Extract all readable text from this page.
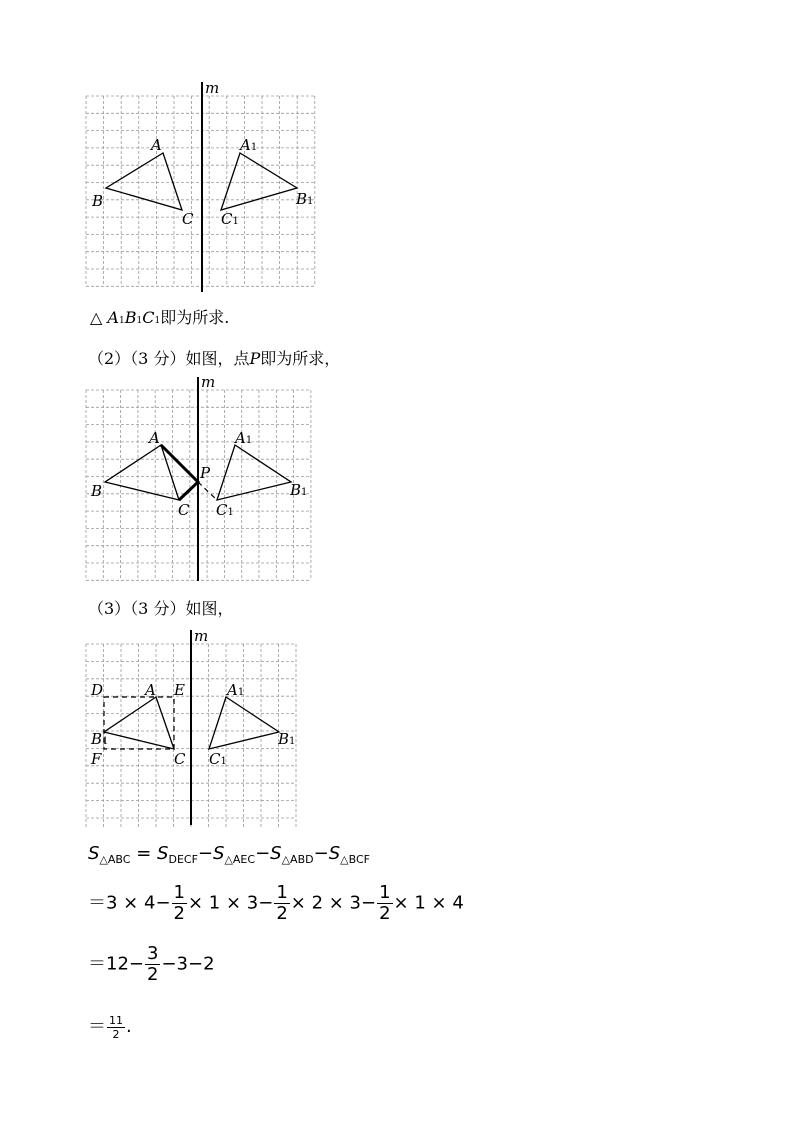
m
A
B
C
A1
B1
C1
△ A1B1C1即为所求.
（2）（3 分）如图，点P即为所求，
m
A
P
B
C
A1
B1
C1
（3）（3 分）如图，
m
D	A E
B1
F	C
A1
B1
C1
$S_{\triangle ABC} = S_{DECF}-S_{\triangle AEC}-S_{\triangle ABD}-S_{\triangle BCF}$
$=3 \times 4- \frac{1}{2} \times 1 \times 3- \frac{1}{2} \times 2 \times 3- \frac{1}{2} \times 1 \times 4$
$=12- \frac{3}{2} -3-2$
＝ $\frac{11}{2}$ .
